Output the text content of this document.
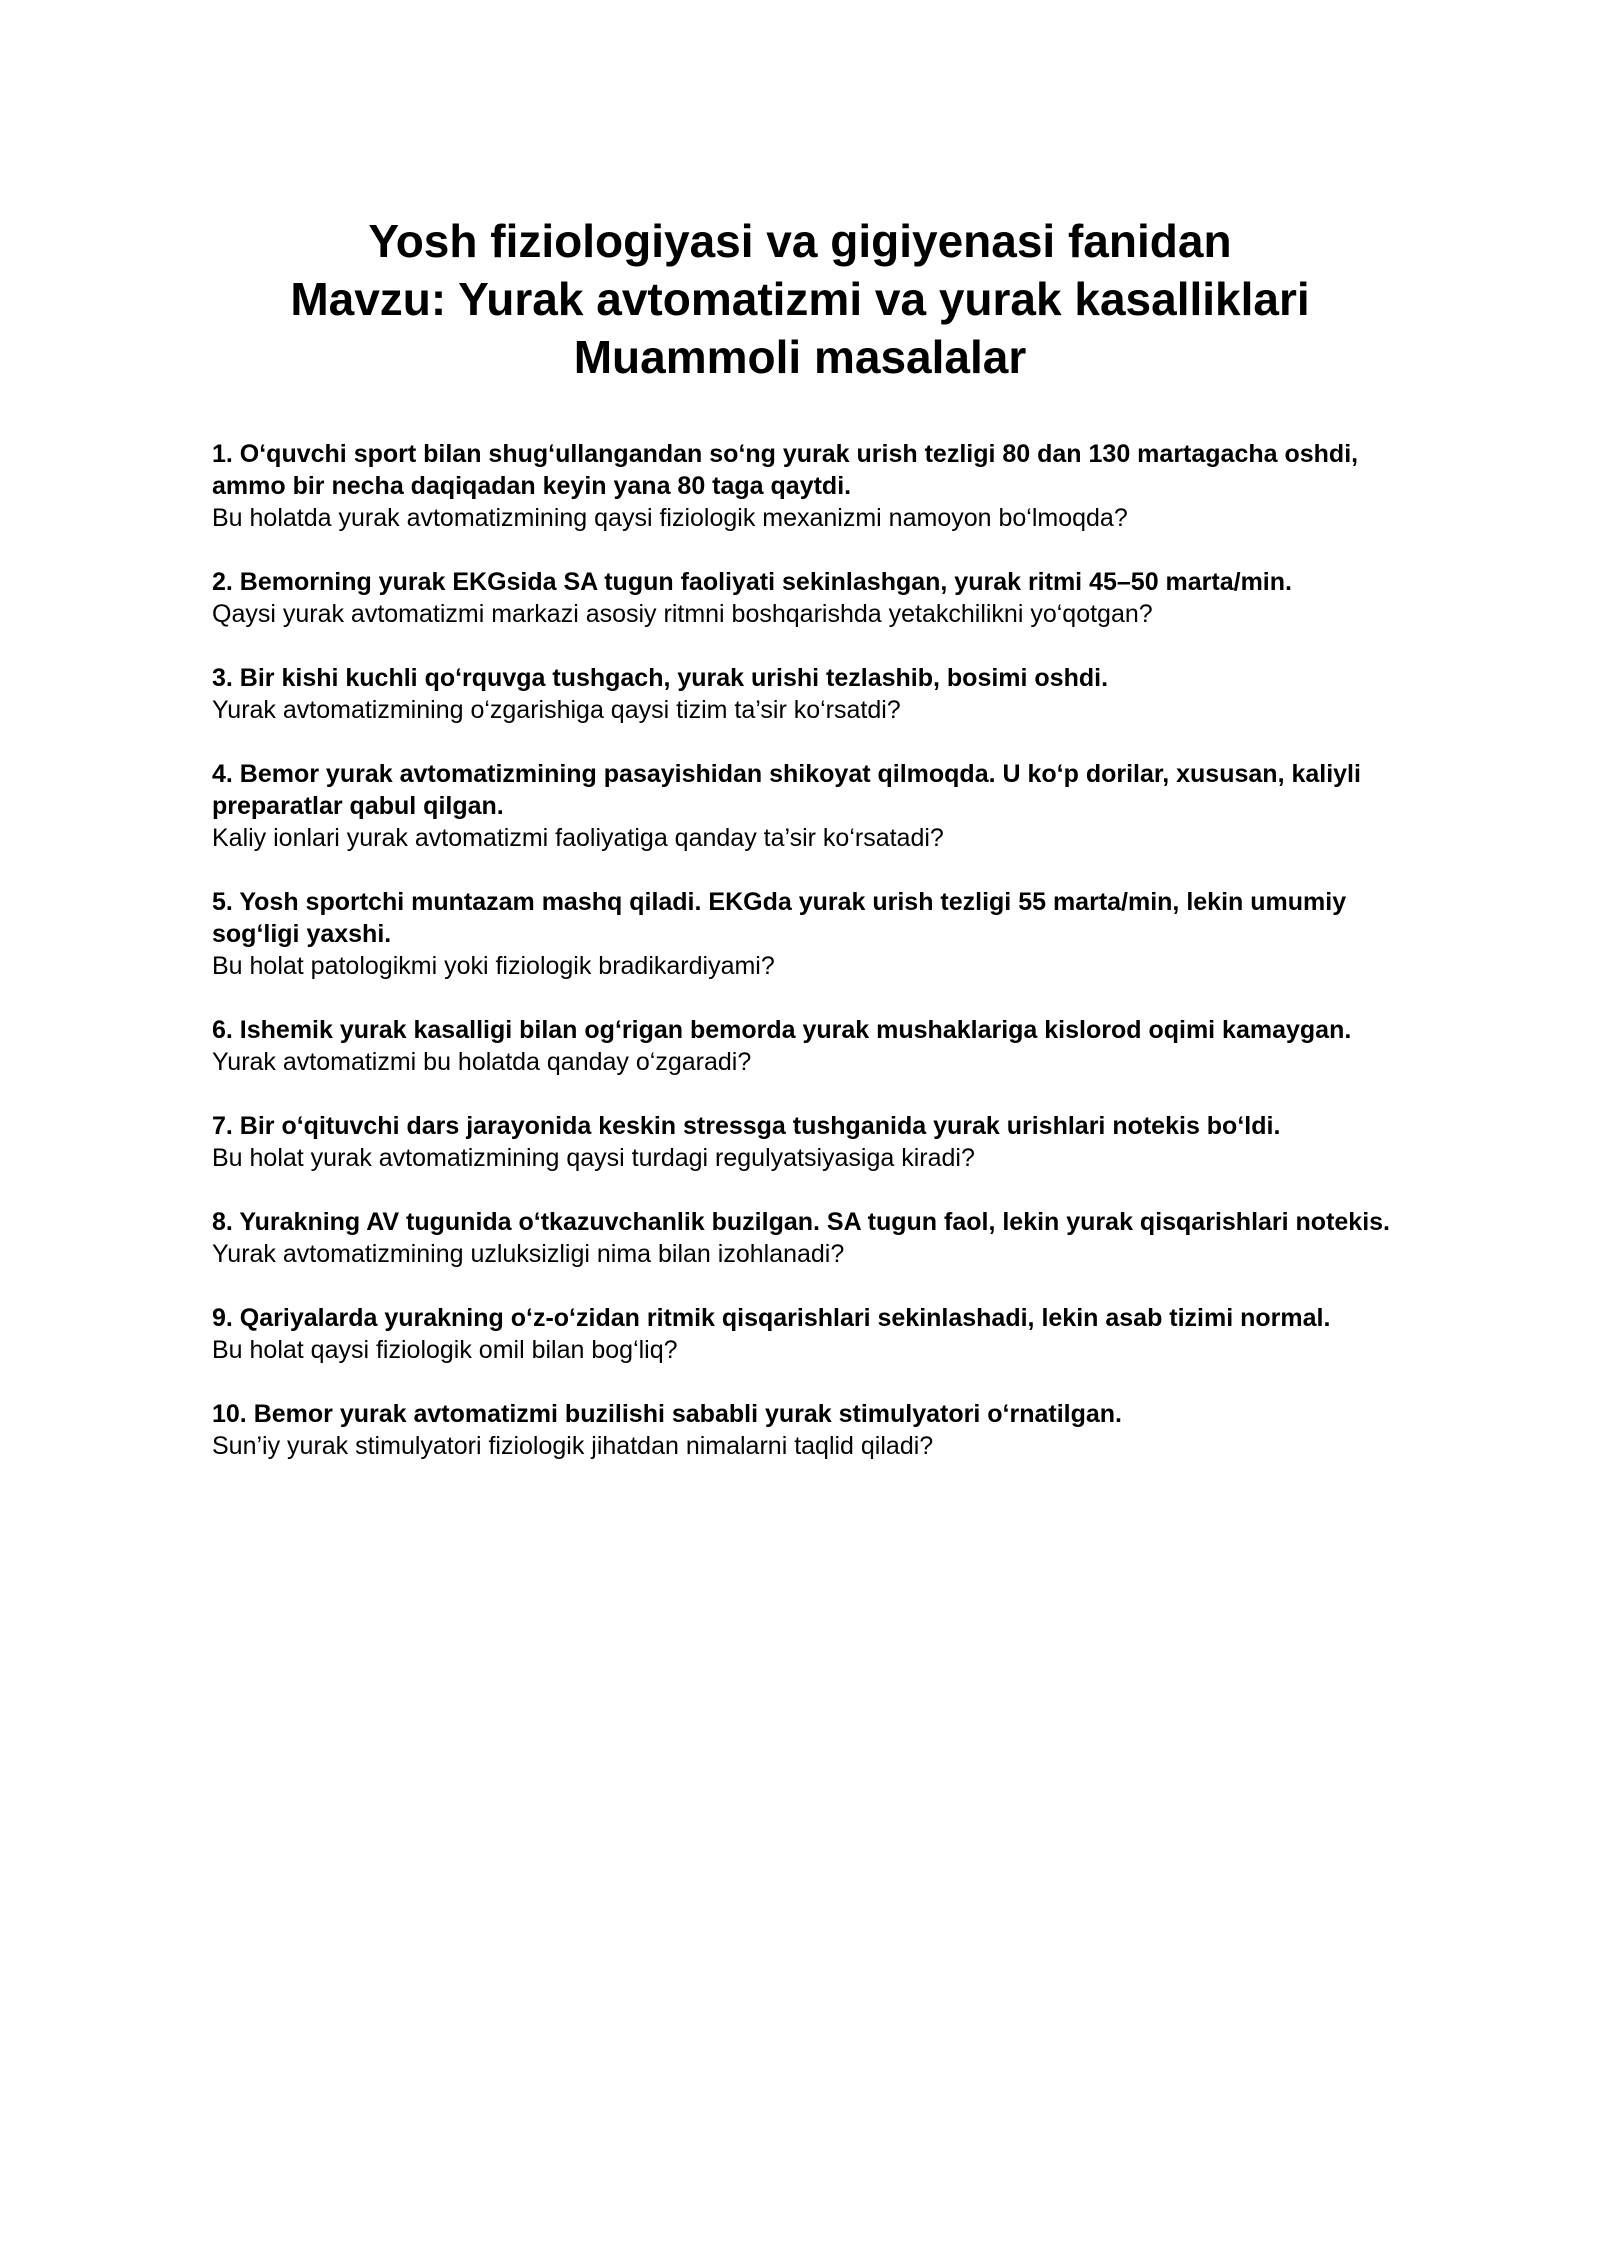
Yosh fiziologiyasi va gigiyenasi fanidan

Mavzu: Yurak avtomatizmi va yurak kasalliklari

Muammoli masalalar

1. O‘quvchi sport bilan shug‘ullangandan so‘ng yurak urish tezligi 80 dan 130 martagacha oshdi, ammo bir necha daqiqadan keyin yana 80 taga qaytdi.

Bu holatda yurak avtomatizmining qaysi fiziologik mexanizmi namoyon bo‘lmoqda?

2. Bemorning yurak EKGsida SA tugun faoliyati sekinlashgan, yurak ritmi 45–50 marta/min.

Qaysi yurak avtomatizmi markazi asosiy ritmni boshqarishda yetakchilikni yo‘qotgan?

3. Bir kishi kuchli qo‘rquvga tushgach, yurak urishi tezlashib, bosimi oshdi.

Yurak avtomatizmining o‘zgarishiga qaysi tizim ta’sir ko‘rsatdi?

4. Bemor yurak avtomatizmining pasayishidan shikoyat qilmoqda. U ko‘p dorilar, xususan, kaliyli preparatlar qabul qilgan.

Kaliy ionlari yurak avtomatizmi faoliyatiga qanday ta’sir ko‘rsatadi?

5. Yosh sportchi muntazam mashq qiladi. EKGda yurak urish tezligi 55 marta/min, lekin umumiy sog‘ligi yaxshi.

Bu holat patologikmi yoki fiziologik bradikardiyami?

6. Ishemik yurak kasalligi bilan og‘rigan bemorda yurak mushaklariga kislorod oqimi kamaygan.

Yurak avtomatizmi bu holatda qanday o‘zgaradi?

7. Bir o‘qituvchi dars jarayonida keskin stressga tushganida yurak urishlari notekis bo‘ldi.

Bu holat yurak avtomatizmining qaysi turdagi regulyatsiyasiga kiradi?

8. Yurakning AV tugunida o‘tkazuvchanlik buzilgan. SA tugun faol, lekin yurak qisqarishlari notekis.

Yurak avtomatizmining uzluksizligi nima bilan izohlanadi?

9. Qariyalarda yurakning o‘z-o‘zidan ritmik qisqarishlari sekinlashadi, lekin asab tizimi normal.

Bu holat qaysi fiziologik omil bilan bog‘liq?

10. Bemor yurak avtomatizmi buzilishi sababli yurak stimulyatori o‘rnatilgan.

Sun’iy yurak stimulyatori fiziologik jihatdan nimalarni taqlid qiladi?
